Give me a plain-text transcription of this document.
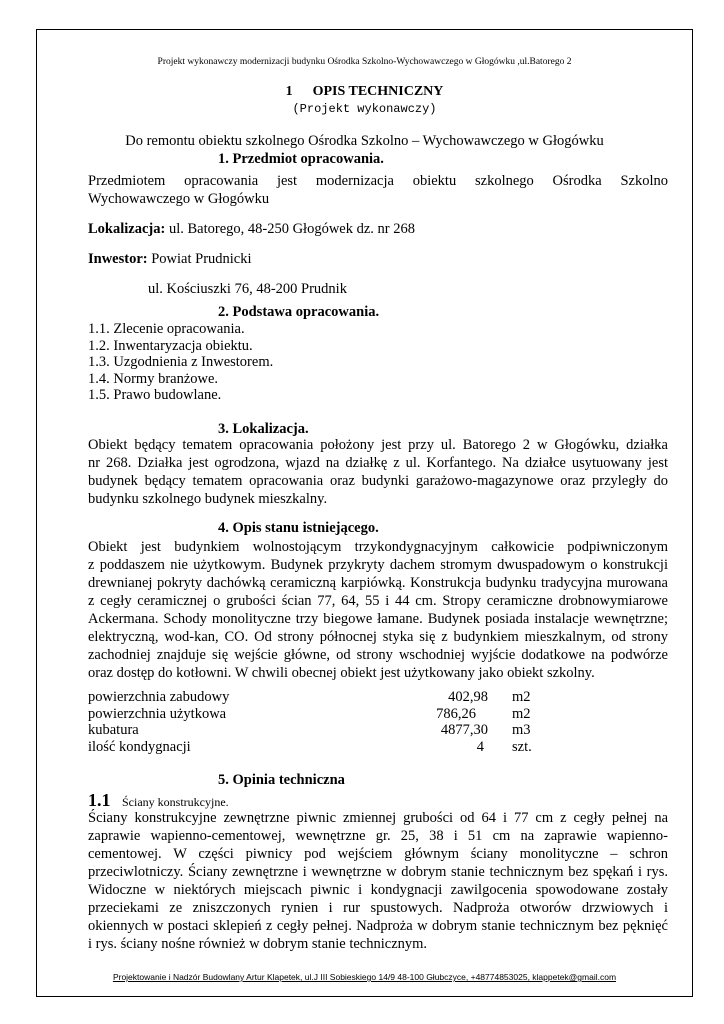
Projekt wykonawczy modernizacji budynku Ośrodka Szkolno-Wychowawczego w Głogówku ,ul.Batorego 2
1 OPIS TECHNICZNY
(Projekt wykonawczy)
Do remontu obiektu szkolnego Ośrodka Szkolno – Wychowawczego w Głogówku
1. Przedmiot opracowania.
Przedmiotem opracowania jest modernizacja obiektu szkolnego Ośrodka Szkolno
Wychowawczego w Głogówku
Lokalizacja: ul. Batorego, 48-250 Głogówek dz. nr 268
Inwestor: Powiat Prudnicki
ul. Kościuszki 76, 48-200 Prudnik
2. Podstawa opracowania.
1.1. Zlecenie opracowania.
1.2. Inwentaryzacja obiektu.
1.3. Uzgodnienia z Inwestorem.
1.4. Normy branżowe.
1.5. Prawo budowlane.
3. Lokalizacja.
Obiekt będący tematem opracowania położony jest przy ul. Batorego 2 w Głogówku, działka
nr 268. Działka jest ogrodzona, wjazd na działkę z ul. Korfantego. Na działce usytuowany jest
budynek będący tematem opracowania oraz budynki garażowo-magazynowe oraz przyległy do
budynku szkolnego budynek mieszkalny.
4. Opis stanu istniejącego.
Obiekt jest budynkiem wolnostojącym trzykondygnacyjnym całkowicie podpiwniczonym
z poddaszem nie użytkowym. Budynek przykryty dachem stromym dwuspadowym o konstrukcji
drewnianej pokryty dachówką ceramiczną karpiówką. Konstrukcja budynku tradycyjna murowana
z cegły ceramicznej o grubości ścian 77, 64, 55 i 44 cm. Stropy ceramiczne drobnowymiarowe
Ackermana. Schody monolityczne trzy biegowe łamane. Budynek posiada instalacje wewnętrzne;
elektryczną, wod-kan, CO. Od strony północnej styka się z budynkiem mieszkalnym, od strony
zachodniej znajduje się wejście główne, od strony wschodniej wyjście dodatkowe na podwórze
oraz dostęp do kotłowni. W chwili obecnej obiekt jest użytkowany jako obiekt szkolny.
powierzchnia zabudowy	402,98 m2
powierzchnia użytkowa	786,26 m2
kubatura	4877,30 m3
ilość kondygnacji	4 szt.
5. Opinia techniczna
1.1 Ściany konstrukcyjne.
Ściany konstrukcyjne zewnętrzne piwnic zmiennej grubości od 64 i 77 cm z cegły pełnej na
zaprawie wapienno-cementowej, wewnętrzne gr. 25, 38 i 51 cm na zaprawie wapienno-
cementowej. W części piwnicy pod wejściem głównym ściany monolityczne – schron
przeciwlotniczy. Ściany zewnętrzne i wewnętrzne w dobrym stanie technicznym bez spękań i rys.
Widoczne w niektórych miejscach piwnic i kondygnacji zawilgocenia spowodowane zostały
przeciekami ze zniszczonych rynien i rur spustowych. Nadproża otworów drzwiowych i
okiennych w postaci sklepień z cegły pełnej. Nadproża w dobrym stanie technicznym bez pęknięć
i rys. ściany nośne również w dobrym stanie technicznym.
Projektowanie i Nadzór Budowlany Artur Klapetek, ul.J III Sobieskiego 14/9 48-100 Głubczyce, +48774853025, klappetek@gmail.com
